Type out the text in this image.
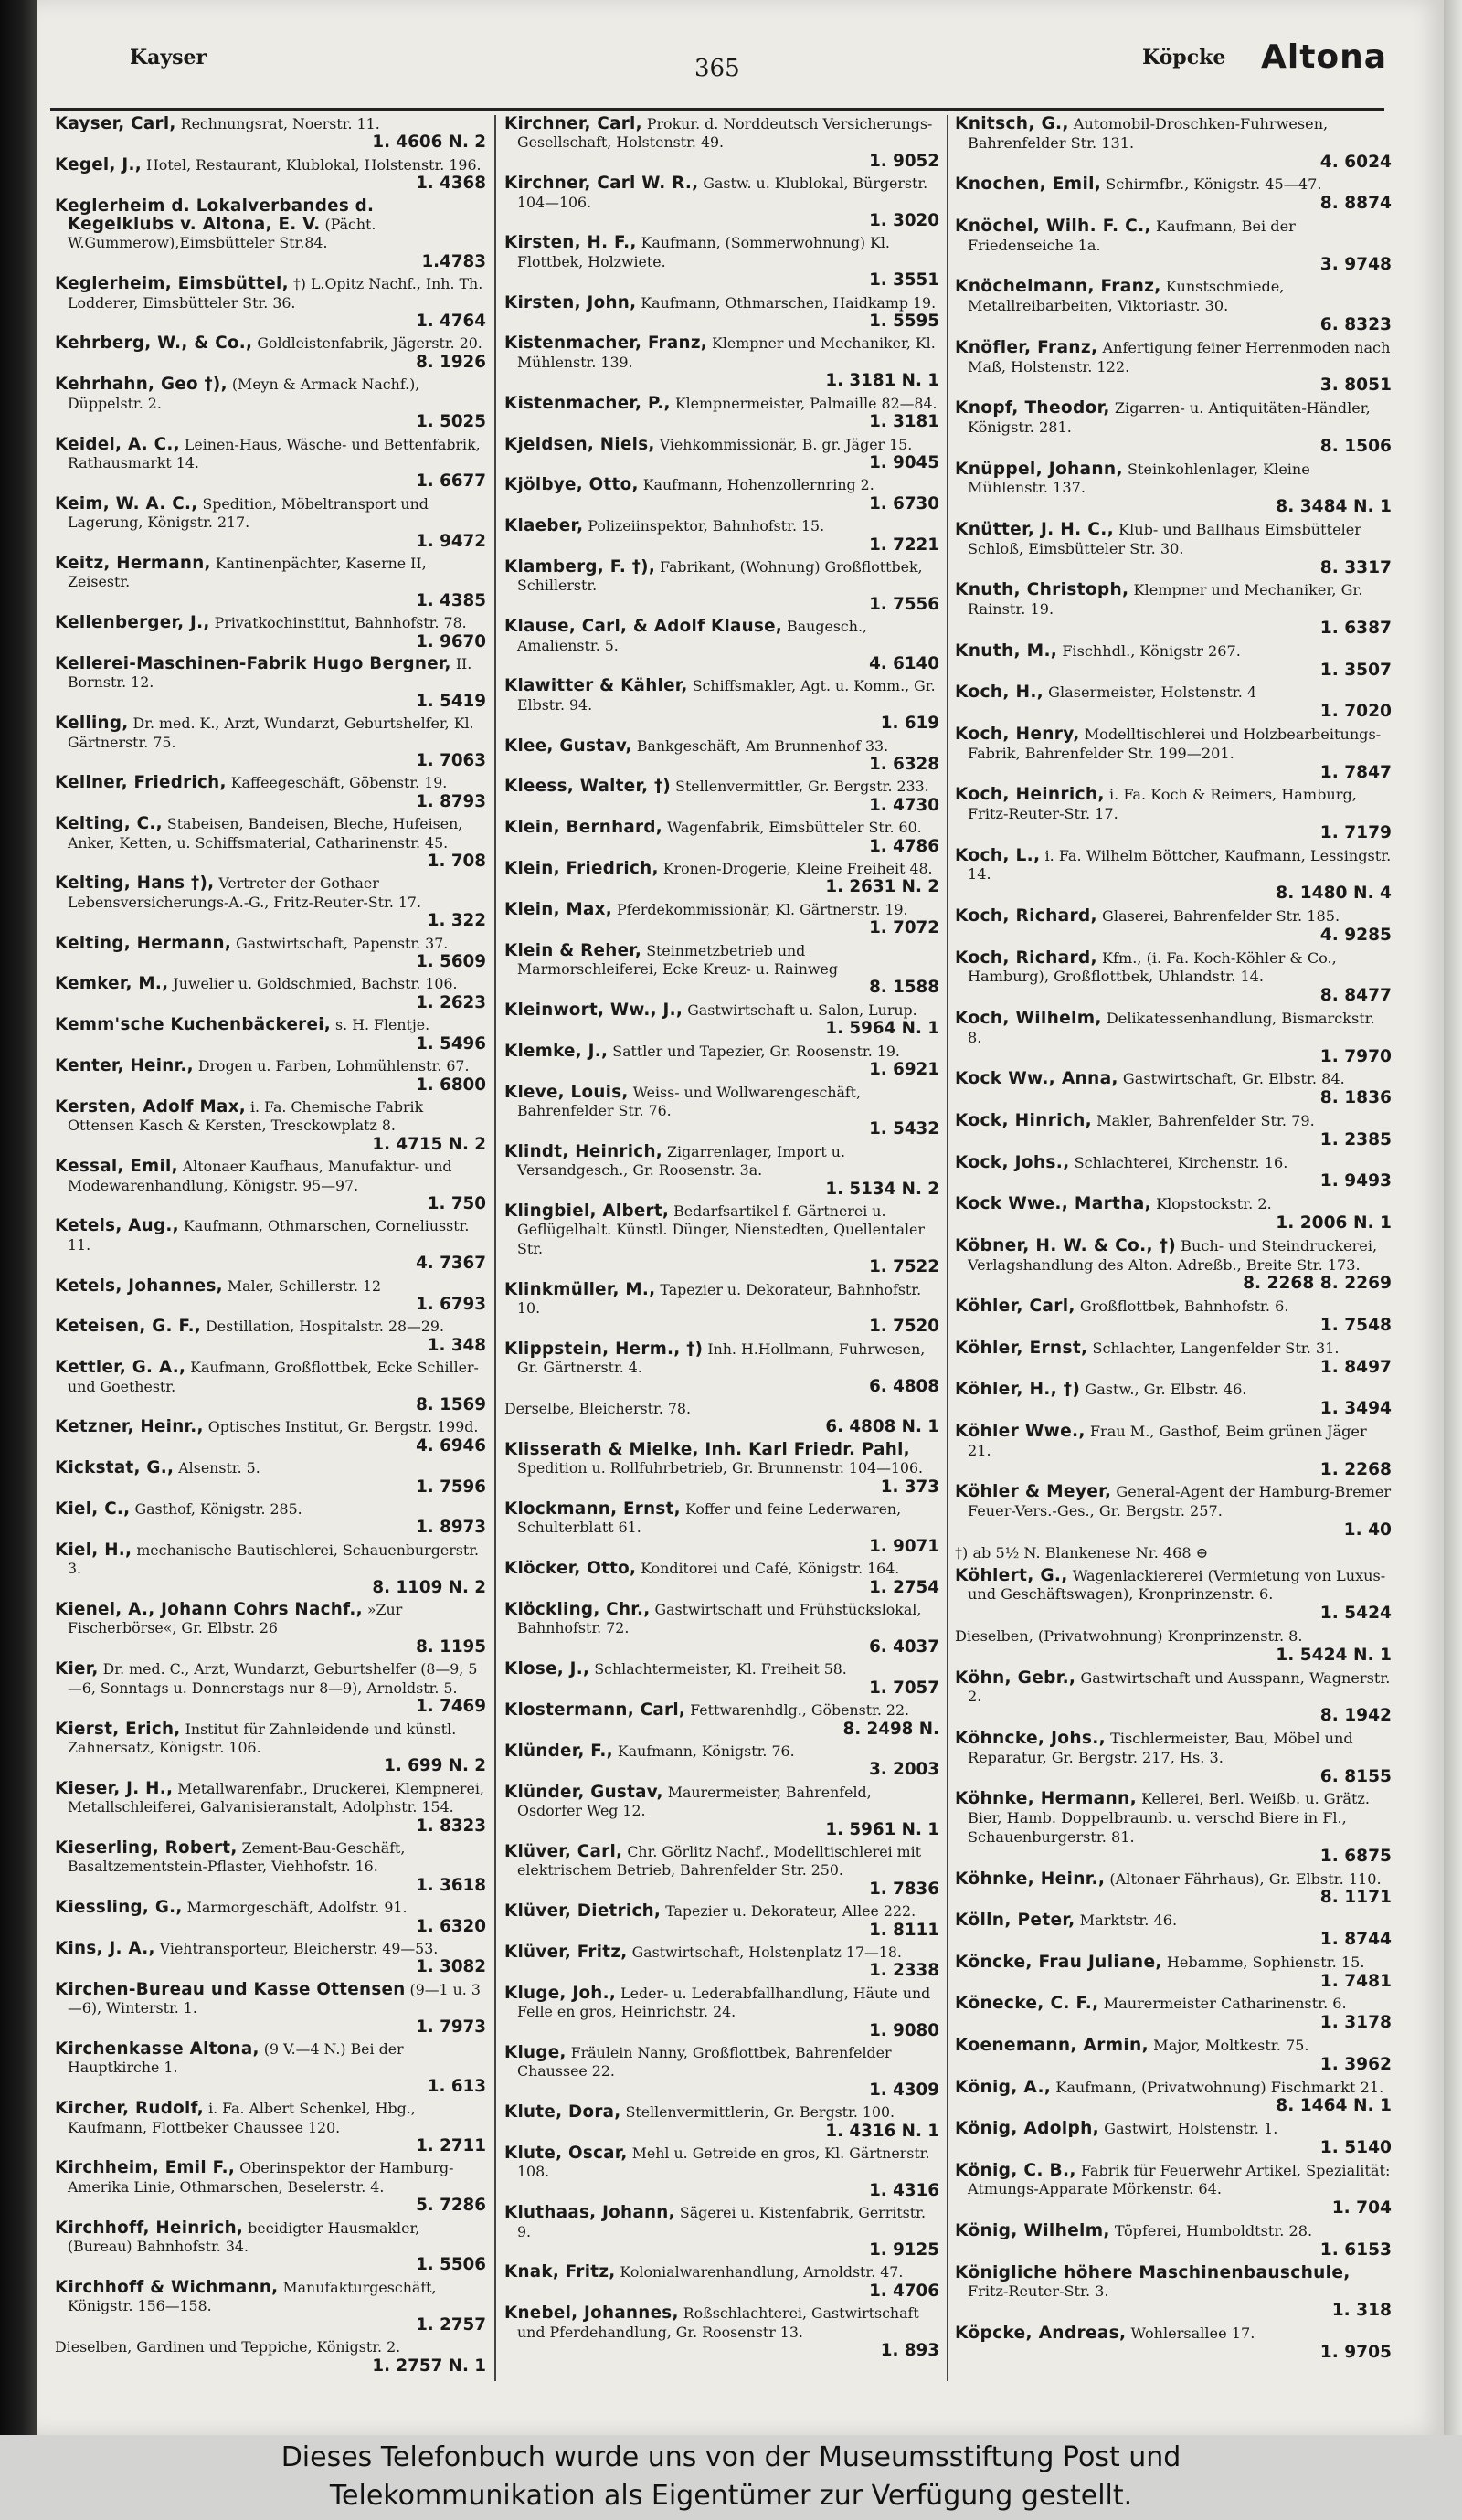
Kayser	365	Köpcke Altona
Kayser, Carl, Rechnungsrat, Noerstr. 11.
1. 4606 N. 2
Kegel, J., Hotel, Restaurant, Klublokal, Holstenstr. 196.
1. 4368
Keglerheim d. Lokalverbandes d. Kegelklubs v. Altona, E. V. (Pächt. W.Gummerow),Eimsbütteler Str.84.
1.4783
Keglerheim, Eimsbüttel, †) L.Opitz Nachf., Inh. Th. Lodderer, Eimsbütteler Str. 36.
1. 4764
Kehrberg, W., & Co., Goldleistenfabrik, Jägerstr. 20.
8. 1926
Kehrhahn, Geo †), (Meyn & Armack Nachf.), Düppelstr. 2.
1. 5025
Keidel, A. C., Leinen-Haus, Wäsche- und Bettenfabrik, Rathausmarkt 14.
1. 6677
Keim, W. A. C., Spedition, Möbeltransport und Lagerung, Königstr. 217.
1. 9472
Keitz, Hermann, Kantinenpächter, Kaserne II, Zeisestr.
1. 4385
Kellenberger, J., Privatkochinstitut, Bahnhofstr. 78.
1. 9670
Kellerei-Maschinen-Fabrik Hugo Bergner, II. Bornstr. 12.
1. 5419
Kelling, Dr. med. K., Arzt, Wundarzt, Geburtshelfer, Kl. Gärtnerstr. 75.
1. 7063
Kellner, Friedrich, Kaffeegeschäft, Göbenstr. 19.
1. 8793
Kelting, C., Stabeisen, Bandeisen, Bleche, Hufeisen, Anker, Ketten, u. Schiffsmaterial, Catharinenstr. 45.
1. 708
Kelting, Hans †), Vertreter der Gothaer Lebensversicherungs-A.-G., Fritz-Reuter-Str. 17.
1. 322
Kelting, Hermann, Gastwirtschaft, Papenstr. 37.
1. 5609
Kemker, M., Juwelier u. Goldschmied, Bachstr. 106.
1. 2623
Kemm'sche Kuchenbäckerei, s. H. Flentje.
1. 5496
Kenter, Heinr., Drogen u. Farben, Lohmühlenstr. 67.
1. 6800
Kersten, Adolf Max, i. Fa. Chemische Fabrik Ottensen Kasch & Kersten, Tresckowplatz 8.
1. 4715 N. 2
Kessal, Emil, Altonaer Kaufhaus, Manufaktur- und Modewarenhandlung, Königstr. 95—97.
1. 750
Ketels, Aug., Kaufmann, Othmarschen, Corneliusstr. 11.
4. 7367
Ketels, Johannes, Maler, Schillerstr. 12
1. 6793
Keteisen, G. F., Destillation, Hospitalstr. 28—29.
1. 348
Kettler, G. A., Kaufmann, Großflottbek, Ecke Schiller- und Goethestr.
8. 1569
Ketzner, Heinr., Optisches Institut, Gr. Bergstr. 199d.
4. 6946
Kickstat, G., Alsenstr. 5.
1. 7596
Kiel, C., Gasthof, Königstr. 285.
1. 8973
Kiel, H., mechanische Bautischlerei, Schauenburgerstr. 3.
8. 1109 N. 2
Kienel, A., Johann Cohrs Nachf., »Zur Fischerbörse«, Gr. Elbstr. 26
8. 1195
Kier, Dr. med. C., Arzt, Wundarzt, Geburtshelfer (8—9, 5—6, Sonntags u. Donnerstags nur 8—9), Arnoldstr. 5.
1. 7469
Kierst, Erich, Institut für Zahnleidende und künstl. Zahnersatz, Königstr. 106.
1. 699 N. 2
Kieser, J. H., Metallwarenfabr., Druckerei, Klempnerei, Metallschleiferei, Galvanisieranstalt, Adolphstr. 154.
1. 8323
Kieserling, Robert, Zement-Bau-Geschäft, Basaltzementstein-Pflaster, Viehhofstr. 16.
1. 3618
Kiessling, G., Marmorgeschäft, Adolfstr. 91.
1. 6320
Kins, J. A., Viehtransporteur, Bleicherstr. 49—53.
1. 3082
Kirchen-Bureau und Kasse Ottensen (9—1 u. 3—6), Winterstr. 1.
1. 7973
Kirchenkasse Altona, (9 V.—4 N.) Bei der Hauptkirche 1.
1. 613
Kircher, Rudolf, i. Fa. Albert Schenkel, Hbg., Kaufmann, Flottbeker Chaussee 120.
1. 2711
Kirchheim, Emil F., Oberinspektor der Hamburg-Amerika Linie, Othmarschen, Beselerstr. 4.
5. 7286
Kirchhoff, Heinrich, beeidigter Hausmakler, (Bureau) Bahnhofstr. 34.
1. 5506
Kirchhoff & Wichmann, Manufakturgeschäft, Königstr. 156—158.
1. 2757
Dieselben, Gardinen und Teppiche, Königstr. 2.
1. 2757 N. 1
Kirchner, Carl, Prokur. d. Norddeutsch Versicherungs-Gesellschaft, Holstenstr. 49.
1. 9052
Kirchner, Carl W. R., Gastw. u. Klublokal, Bürgerstr. 104—106.
1. 3020
Kirsten, H. F., Kaufmann, (Sommerwohnung) Kl. Flottbek, Holzwiete.
1. 3551
Kirsten, John, Kaufmann, Othmarschen, Haidkamp 19.
1. 5595
Kistenmacher, Franz, Klempner und Mechaniker, Kl. Mühlenstr. 139.
1. 3181 N. 1
Kistenmacher, P., Klempnermeister, Palmaille 82—84.
1. 3181
Kjeldsen, Niels, Viehkommissionär, B. gr. Jäger 15.
1. 9045
Kjölbye, Otto, Kaufmann, Hohenzollernring 2.
1. 6730
Klaeber, Polizeiinspektor, Bahnhofstr. 15.
1. 7221
Klamberg, F. †), Fabrikant, (Wohnung) Großflottbek, Schillerstr.
1. 7556
Klause, Carl, & Adolf Klause, Baugesch., Amalienstr. 5.
4. 6140
Klawitter & Kähler, Schiffsmakler, Agt. u. Komm., Gr. Elbstr. 94.
1. 619
Klee, Gustav, Bankgeschäft, Am Brunnenhof 33.
1. 6328
Kleess, Walter, †) Stellenvermittler, Gr. Bergstr. 233.
1. 4730
Klein, Bernhard, Wagenfabrik, Eimsbütteler Str. 60.
1. 4786
Klein, Friedrich, Kronen-Drogerie, Kleine Freiheit 48.
1. 2631 N. 2
Klein, Max, Pferdekommissionär, Kl. Gärtnerstr. 19.
1. 7072
Klein & Reher, Steinmetzbetrieb und Marmorschleiferei, Ecke Kreuz- u. Rainweg
8. 1588
Kleinwort, Ww., J., Gastwirtschaft u. Salon, Lurup.
1. 5964 N. 1
Klemke, J., Sattler und Tapezier, Gr. Roosenstr. 19.
1. 6921
Kleve, Louis, Weiss- und Wollwarengeschäft, Bahrenfelder Str. 76.
1. 5432
Klindt, Heinrich, Zigarrenlager, Import u. Versandgesch., Gr. Roosenstr. 3a.
1. 5134 N. 2
Klingbiel, Albert, Bedarfsartikel f. Gärtnerei u. Geflügelhalt. Künstl. Dünger, Nienstedten, Quellentaler Str.
1. 7522
Klinkmüller, M., Tapezier u. Dekorateur, Bahnhofstr. 10.
1. 7520
Klippstein, Herm., †) Inh. H.Hollmann, Fuhrwesen, Gr. Gärtnerstr. 4.
6. 4808
Derselbe, Bleicherstr. 78.
6. 4808 N. 1
Klisserath & Mielke, Inh. Karl Friedr. Pahl, Spedition u. Rollfuhrbetrieb, Gr. Brunnenstr. 104—106.
1. 373
Klockmann, Ernst, Koffer und feine Lederwaren, Schulterblatt 61.
1. 9071
Klöcker, Otto, Konditorei und Café, Königstr. 164.
1. 2754
Klöckling, Chr., Gastwirtschaft und Frühstückslokal, Bahnhofstr. 72.
6. 4037
Klose, J., Schlachtermeister, Kl. Freiheit 58.
1. 7057
Klostermann, Carl, Fettwarenhdlg., Göbenstr. 22.
8. 2498 N.
Klünder, F., Kaufmann, Königstr. 76.
3. 2003
Klünder, Gustav, Maurermeister, Bahrenfeld, Osdorfer Weg 12.
1. 5961 N. 1
Klüver, Carl, Chr. Görlitz Nachf., Modelltischlerei mit elektrischem Betrieb, Bahrenfelder Str. 250.
1. 7836
Klüver, Dietrich, Tapezier u. Dekorateur, Allee 222.
1. 8111
Klüver, Fritz, Gastwirtschaft, Holstenplatz 17—18.
1. 2338
Kluge, Joh., Leder- u. Lederabfallhandlung, Häute und Felle en gros, Heinrichstr. 24.
1. 9080
Kluge, Fräulein Nanny, Großflottbek, Bahrenfelder Chaussee 22.
1. 4309
Klute, Dora, Stellenvermittlerin, Gr. Bergstr. 100.
1. 4316 N. 1
Klute, Oscar, Mehl u. Getreide en gros, Kl. Gärtnerstr. 108.
1. 4316
Kluthaas, Johann, Sägerei u. Kistenfabrik, Gerritstr. 9.
1. 9125
Knak, Fritz, Kolonialwarenhandlung, Arnoldstr. 47.
1. 4706
Knebel, Johannes, Roßschlachterei, Gastwirtschaft und Pferdehandlung, Gr. Roosenstr 13.
1. 893
Knitsch, G., Automobil-Droschken-Fuhrwesen, Bahrenfelder Str. 131.
4. 6024
Knochen, Emil, Schirmfbr., Königstr. 45—47.
8. 8874
Knöchel, Wilh. F. C., Kaufmann, Bei der Friedenseiche 1a.
3. 9748
Knöchelmann, Franz, Kunstschmiede, Metallreibarbeiten, Viktoriastr. 30.
6. 8323
Knöfler, Franz, Anfertigung feiner Herrenmoden nach Maß, Holstenstr. 122.
3. 8051
Knopf, Theodor, Zigarren- u. Antiquitäten-Händler, Königstr. 281.
8. 1506
Knüppel, Johann, Steinkohlenlager, Kleine Mühlenstr. 137.
8. 3484 N. 1
Knütter, J. H. C., Klub- und Ballhaus Eimsbütteler Schloß, Eimsbütteler Str. 30.
8. 3317
Knuth, Christoph, Klempner und Mechaniker, Gr. Rainstr. 19.
1. 6387
Knuth, M., Fischhdl., Königstr 267.
1. 3507
Koch, H., Glasermeister, Holstenstr. 4
1. 7020
Koch, Henry, Modelltischlerei und Holzbearbeitungs-Fabrik, Bahrenfelder Str. 199—201.
1. 7847
Koch, Heinrich, i. Fa. Koch & Reimers, Hamburg, Fritz-Reuter-Str. 17.
1. 7179
Koch, L., i. Fa. Wilhelm Böttcher, Kaufmann, Lessingstr. 14.
8. 1480 N. 4
Koch, Richard, Glaserei, Bahrenfelder Str. 185.
4. 9285
Koch, Richard, Kfm., (i. Fa. Koch-Köhler & Co., Hamburg), Großflottbek, Uhlandstr. 14.
8. 8477
Koch, Wilhelm, Delikatessenhandlung, Bismarckstr. 8.
1. 7970
Kock Ww., Anna, Gastwirtschaft, Gr. Elbstr. 84.
8. 1836
Kock, Hinrich, Makler, Bahrenfelder Str. 79.
1. 2385
Kock, Johs., Schlachterei, Kirchenstr. 16.
1. 9493
Kock Wwe., Martha, Klopstockstr. 2.
1. 2006 N. 1
Köbner, H. W. & Co., †) Buch- und Steindruckerei, Verlagshandlung des Alton. Adreßb., Breite Str. 173.
8. 2268 8. 2269
Köhler, Carl, Großflottbek, Bahnhofstr. 6.
1. 7548
Köhler, Ernst, Schlachter, Langenfelder Str. 31.
1. 8497
Köhler, H., †) Gastw., Gr. Elbstr. 46.
1. 3494
Köhler Wwe., Frau M., Gasthof, Beim grünen Jäger 21.
1. 2268
Köhler & Meyer, General-Agent der Hamburg-Bremer Feuer-Vers.-Ges., Gr. Bergstr. 257.
1. 40
†) ab 5½ N. Blankenese Nr. 468 ⊕
Köhlert, G., Wagenlackiererei (Vermietung von Luxus- und Geschäftswagen), Kronprinzenstr. 6.
1. 5424
Dieselben, (Privatwohnung) Kronprinzenstr. 8.
1. 5424 N. 1
Köhn, Gebr., Gastwirtschaft und Ausspann, Wagnerstr. 2.
8. 1942
Köhncke, Johs., Tischlermeister, Bau, Möbel und Reparatur, Gr. Bergstr. 217, Hs. 3.
6. 8155
Köhnke, Hermann, Kellerei, Berl. Weißb. u. Grätz. Bier, Hamb. Doppelbraunb. u. verschd Biere in Fl., Schauenburgerstr. 81.
1. 6875
Köhnke, Heinr., (Altonaer Fährhaus), Gr. Elbstr. 110.
8. 1171
Kölln, Peter, Marktstr. 46.
1. 8744
Köncke, Frau Juliane, Hebamme, Sophienstr. 15.
1. 7481
Könecke, C. F., Maurermeister Catharinenstr. 6.
1. 3178
Koenemann, Armin, Major, Moltkestr. 75.
1. 3962
König, A., Kaufmann, (Privatwohnung) Fischmarkt 21.
8. 1464 N. 1
König, Adolph, Gastwirt, Holstenstr. 1.
1. 5140
König, C. B., Fabrik für Feuerwehr Artikel, Spezialität: Atmungs-Apparate Mörkenstr. 64.
1. 704
König, Wilhelm, Töpferei, Humboldtstr. 28.
1. 6153
Königliche höhere Maschinenbauschule, Fritz-Reuter-Str. 3.
1. 318
Köpcke, Andreas, Wohlersallee 17.
1. 9705
Dieses Telefonbuch wurde uns von der Museumsstiftung Post und
Telekommunikation als Eigentümer zur Verfügung gestellt.
